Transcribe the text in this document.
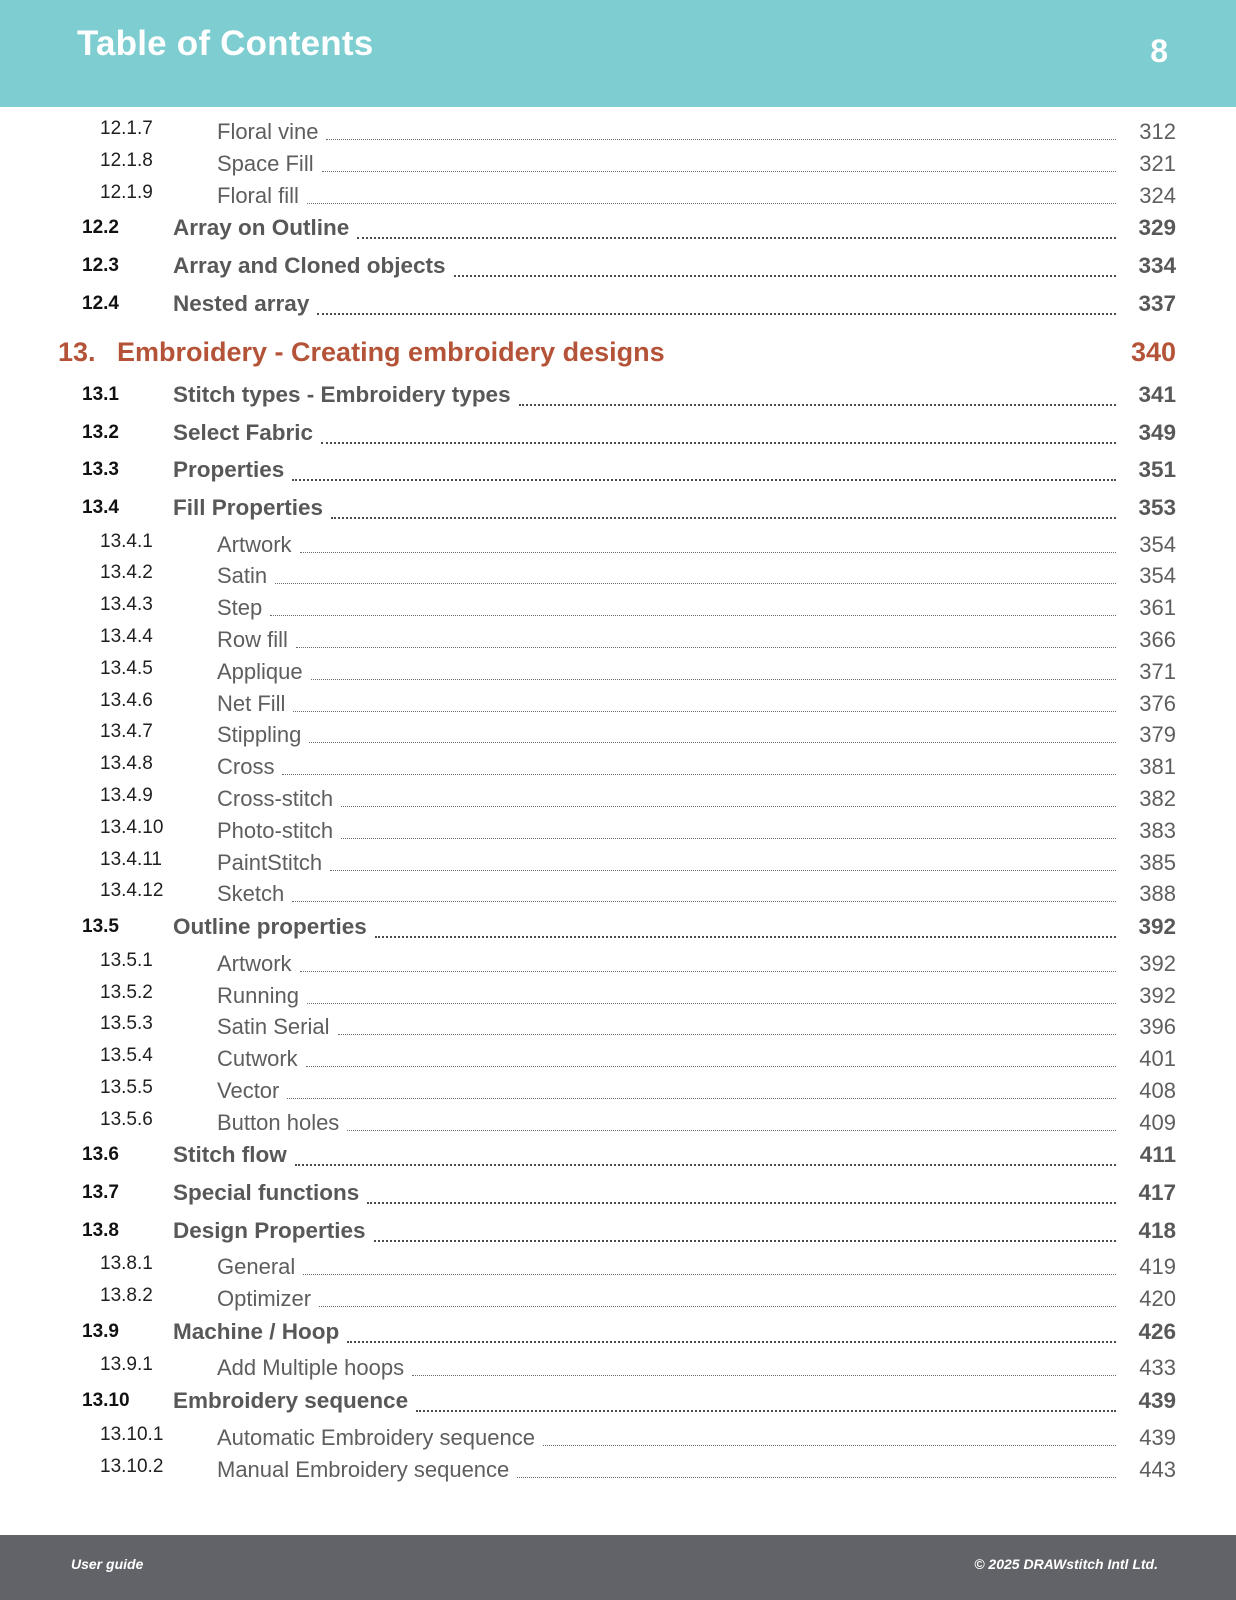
Table of Contents	8
12.1.7	Floral vine	312
12.1.8	Space Fill	321
12.1.9	Floral fill	324
12.2 Array on Outline	329
12.3 Array and Cloned objects	334
12.4 Nested array	337
13. Embroidery - Creating embroidery designs	340
13.1 Stitch types - Embroidery types	341
13.2 Select Fabric	349
13.3 Properties	351
13.4 Fill Properties	353
13.4.1	Artwork	354
13.4.2	Satin	354
13.4.3	Step	361
13.4.4	Row fill	366
13.4.5	Applique	371
13.4.6	Net Fill	376
13.4.7	Stippling	379
13.4.8	Cross	381
13.4.9	Cross-stitch	382
13.4.10 Photo-stitch	383
13.4.11	PaintStitch	385
13.4.12 Sketch	388
13.5 Outline properties	392
13.5.1	Artwork	392
13.5.2	Running	392
13.5.3	Satin Serial	396
13.5.4	Cutwork	401
13.5.5	Vector	408
13.5.6	Button holes	409
13.6 Stitch flow	411
13.7 Special functions	417
13.8 Design Properties	418
13.8.1	General	419
13.8.2	Optimizer	420
13.9 Machine / Hoop	426
13.9.1	Add Multiple hoops	433
13.10 Embroidery sequence	439
13.10.1 Automatic Embroidery sequence	439
13.10.2 Manual Embroidery sequence	443
User guide	© 2025 DRAWstitch Intl Ltd.
